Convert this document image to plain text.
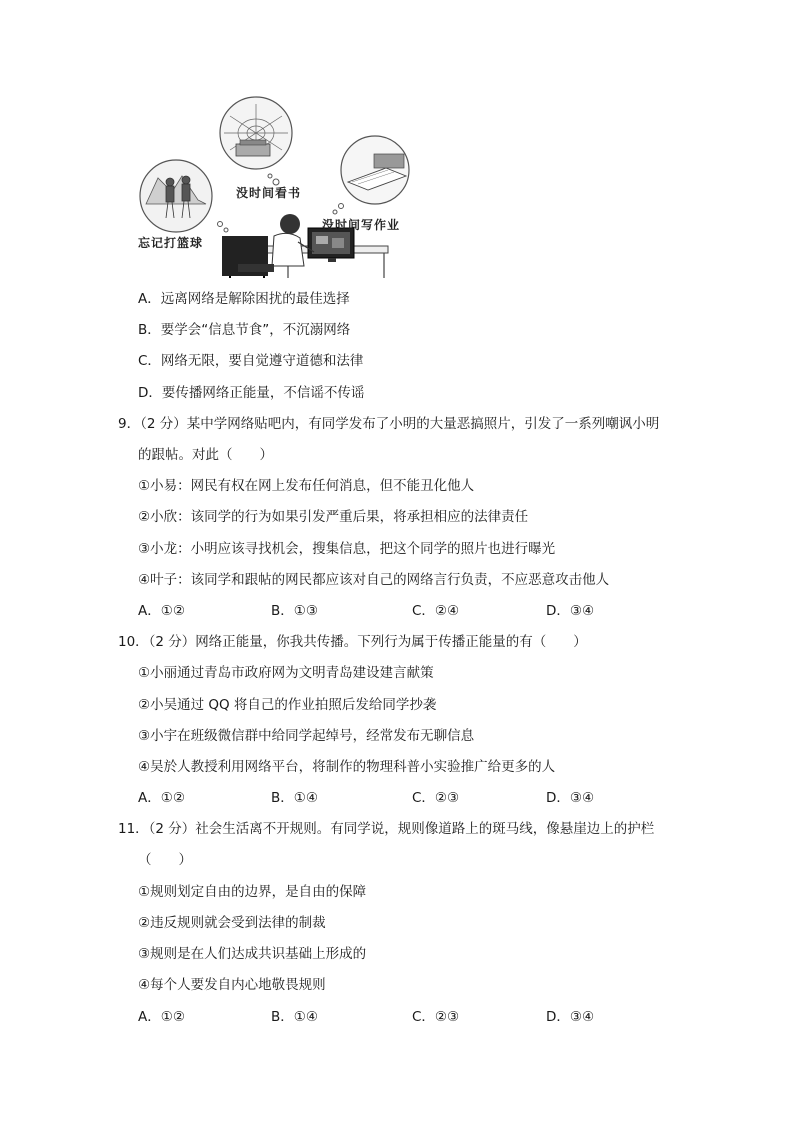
没时间看书
没时间写作业
忘记打篮球
A．远离网络是解除困扰的最佳选择
B．要学会“信息节食”，不沉溺网络
C．网络无限，要自觉遵守道德和法律
D．要传播网络正能量，不信谣不传谣
9．（2 分）某中学网络贴吧内，有同学发布了小明的大量恶搞照片，引发了一系列嘲讽小明
的跟帖。对此（　　）
①小易：网民有权在网上发布任何消息，但不能丑化他人
②小欣：该同学的行为如果引发严重后果，将承担相应的法律责任
③小龙：小明应该寻找机会，搜集信息，把这个同学的照片也进行曝光
④叶子：该同学和跟帖的网民都应该对自己的网络言行负责，不应恶意攻击他人
A．①②	B．①③	C．②④	D．③④
10．（2 分）网络正能量，你我共传播。下列行为属于传播正能量的有（　　）
①小丽通过青岛市政府网为文明青岛建设建言献策
②小吴通过 QQ 将自己的作业拍照后发给同学抄袭
③小宇在班级微信群中给同学起绰号，经常发布无聊信息
④吴於人教授利用网络平台，将制作的物理科普小实验推广给更多的人
A．①②	B．①④	C．②③	D．③④
11．（2 分）社会生活离不开规则。有同学说，规则像道路上的斑马线，像悬崖边上的护栏
（　　）
①规则划定自由的边界，是自由的保障
②违反规则就会受到法律的制裁
③规则是在人们达成共识基础上形成的
④每个人要发自内心地敬畏规则
A．①②	B．①④	C．②③	D．③④
